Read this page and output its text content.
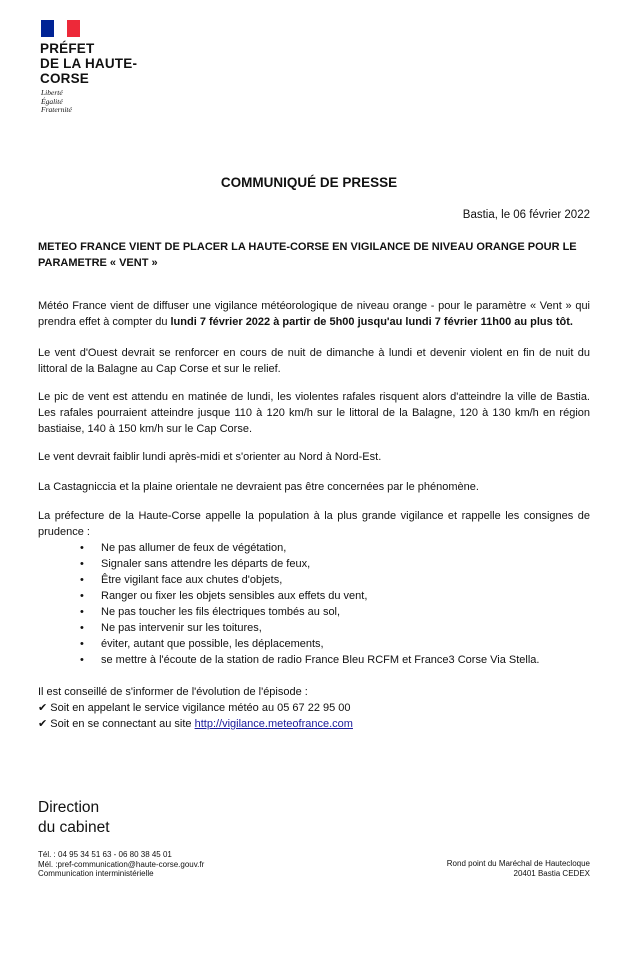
PRÉFET
DE LA HAUTE-
CORSE
Liberté
Égalité
Fraternité
COMMUNIQUÉ DE PRESSE
Bastia, le 06 février 2022
METEO FRANCE VIENT DE PLACER LA HAUTE-CORSE EN VIGILANCE DE NIVEAU ORANGE POUR LE PARAMETRE « VENT »
Météo France vient de diffuser une vigilance météorologique de niveau orange - pour le paramètre « Vent » qui prendra effet à compter du lundi 7 février 2022 à partir de 5h00 jusqu'au lundi 7 février 11h00 au plus tôt.
Le vent d'Ouest devrait se renforcer en cours de nuit de dimanche à lundi et devenir violent en fin de nuit du littoral de la Balagne au Cap Corse et sur le relief.
Le pic de vent est attendu en matinée de lundi, les violentes rafales risquent alors d'atteindre la ville de Bastia. Les rafales pourraient atteindre jusque 110 à 120 km/h sur le littoral de la Balagne, 120 à 130 km/h en région bastiaise, 140 à 150 km/h sur le Cap Corse.
Le vent devrait faiblir lundi après-midi et s'orienter au Nord à Nord-Est.
La Castagniccia et la plaine orientale ne devraient pas être concernées par le phénomène.
La préfecture de la Haute-Corse appelle la population à la plus grande vigilance et rappelle les consignes de prudence :
• Ne pas allumer de feux de végétation,
• Signaler sans attendre les départs de feux,
• Être vigilant face aux chutes d'objets,
• Ranger ou fixer les objets sensibles aux effets du vent,
• Ne pas toucher les fils électriques tombés au sol,
• Ne pas intervenir sur les toitures,
• éviter, autant que possible, les déplacements,
• se mettre à l'écoute de la station de radio France Bleu RCFM et France3 Corse Via Stella.
Il est conseillé de s'informer de l'évolution de l'épisode :
✔ Soit en appelant le service vigilance météo au 05 67 22 95 00
✔ Soit en se connectant au site http://vigilance.meteofrance.com
Direction
du cabinet
Tél. : 04 95 34 51 63 - 06 80 38 45 01
Mél. :pref-communication@haute-corse.gouv.fr
Communication interministérielle
Rond point du Maréchal de Hautecloque
20401 Bastia CEDEX
